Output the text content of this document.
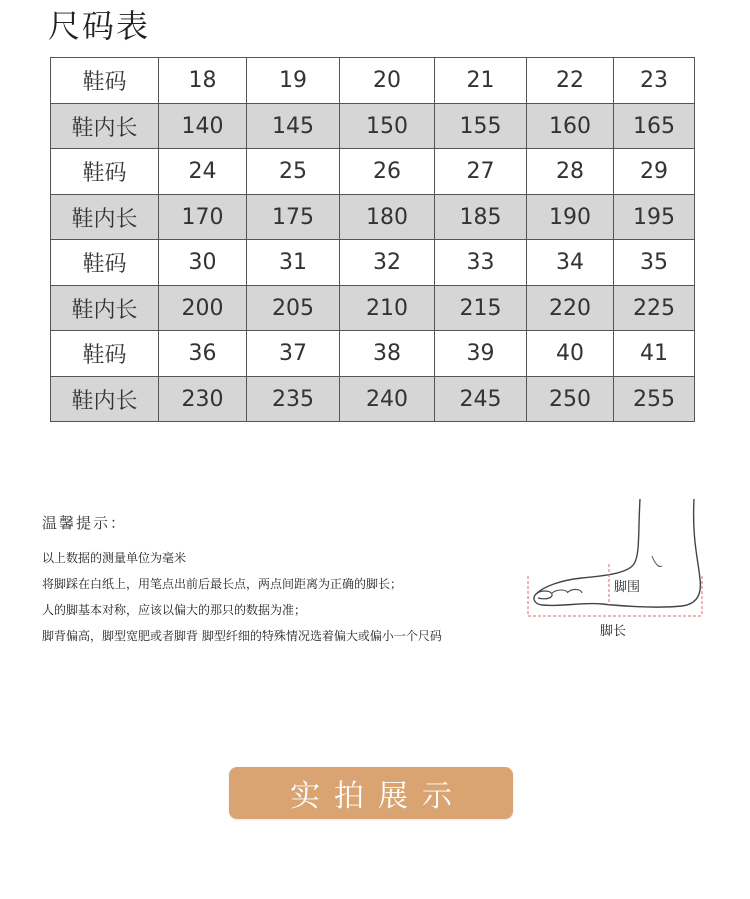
尺码表
鞋码	18	19	20	21	22	23
鞋内长	140	145	150	155	160	165
鞋码	24	25	26	27	28	29
鞋内长	170	175	180	185	190	195
鞋码	30	31	32	33	34	35
鞋内长	200	205	210	215	220	225
鞋码	36	37	38	39	40	41
鞋内长	230	235	240	245	250	255
温馨提示：
以上数据的测量单位为毫米
将脚踩在白纸上，用笔点出前后最长点，两点间距离为正确的脚长；
人的脚基本对称，应该以偏大的那只的数据为准；
脚背偏高，脚型宽肥或者脚背 脚型纤细的特殊情况选着偏大或偏小一个尺码
脚围
脚长
实拍展示
